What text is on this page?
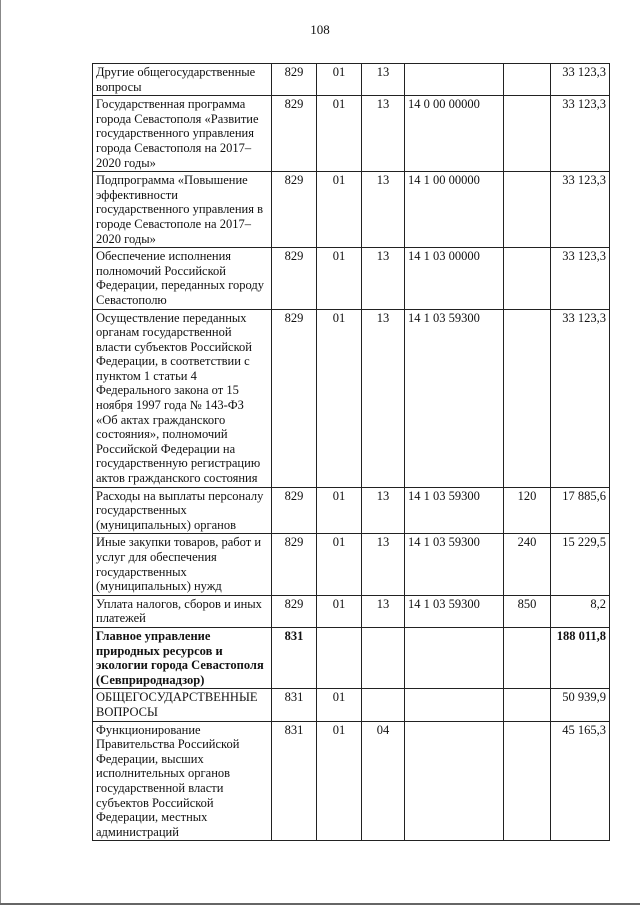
108
Другие общегосударственные вопросы	829	01	13			33 123,3
Государственная программа города Севастополя «Развитие государственного управления города Севастополя на 2017–2020 годы»	829	01	13	14 0 00 00000		33 123,3
Подпрограмма «Повышение эффективности государственного управления в городе Севастополе на 2017–2020 годы»	829	01	13	14 1 00 00000		33 123,3
Обеспечение исполнения полномочий Российской Федерации, переданных городу Севастополю	829	01	13	14 1 03 00000		33 123,3
Осуществление переданных органам государственной власти субъектов Российской Федерации, в соответствии с пунктом 1 статьи 4 Федерального закона от 15 ноября 1997 года № 143-ФЗ «Об актах гражданского состояния», полномочий Российской Федерации на государственную регистрацию актов гражданского состояния	829	01	13	14 1 03 59300		33 123,3
Расходы на выплаты персоналу государственных (муниципальных) органов	829	01	13	14 1 03 59300	120	17 885,6
Иные закупки товаров, работ и услуг для обеспечения государственных (муниципальных) нужд	829	01	13	14 1 03 59300	240	15 229,5
Уплата налогов, сборов и иных платежей	829	01	13	14 1 03 59300	850	8,2
Главное управление природных ресурсов и экологии города Севастополя (Севприроднадзор)	831					188 011,8
ОБЩЕГОСУДАРСТВЕННЫЕ ВОПРОСЫ	831	01				50 939,9
Функционирование Правительства Российской Федерации, высших исполнительных органов государственной власти субъектов Российской Федерации, местных администраций	831	01	04			45 165,3
